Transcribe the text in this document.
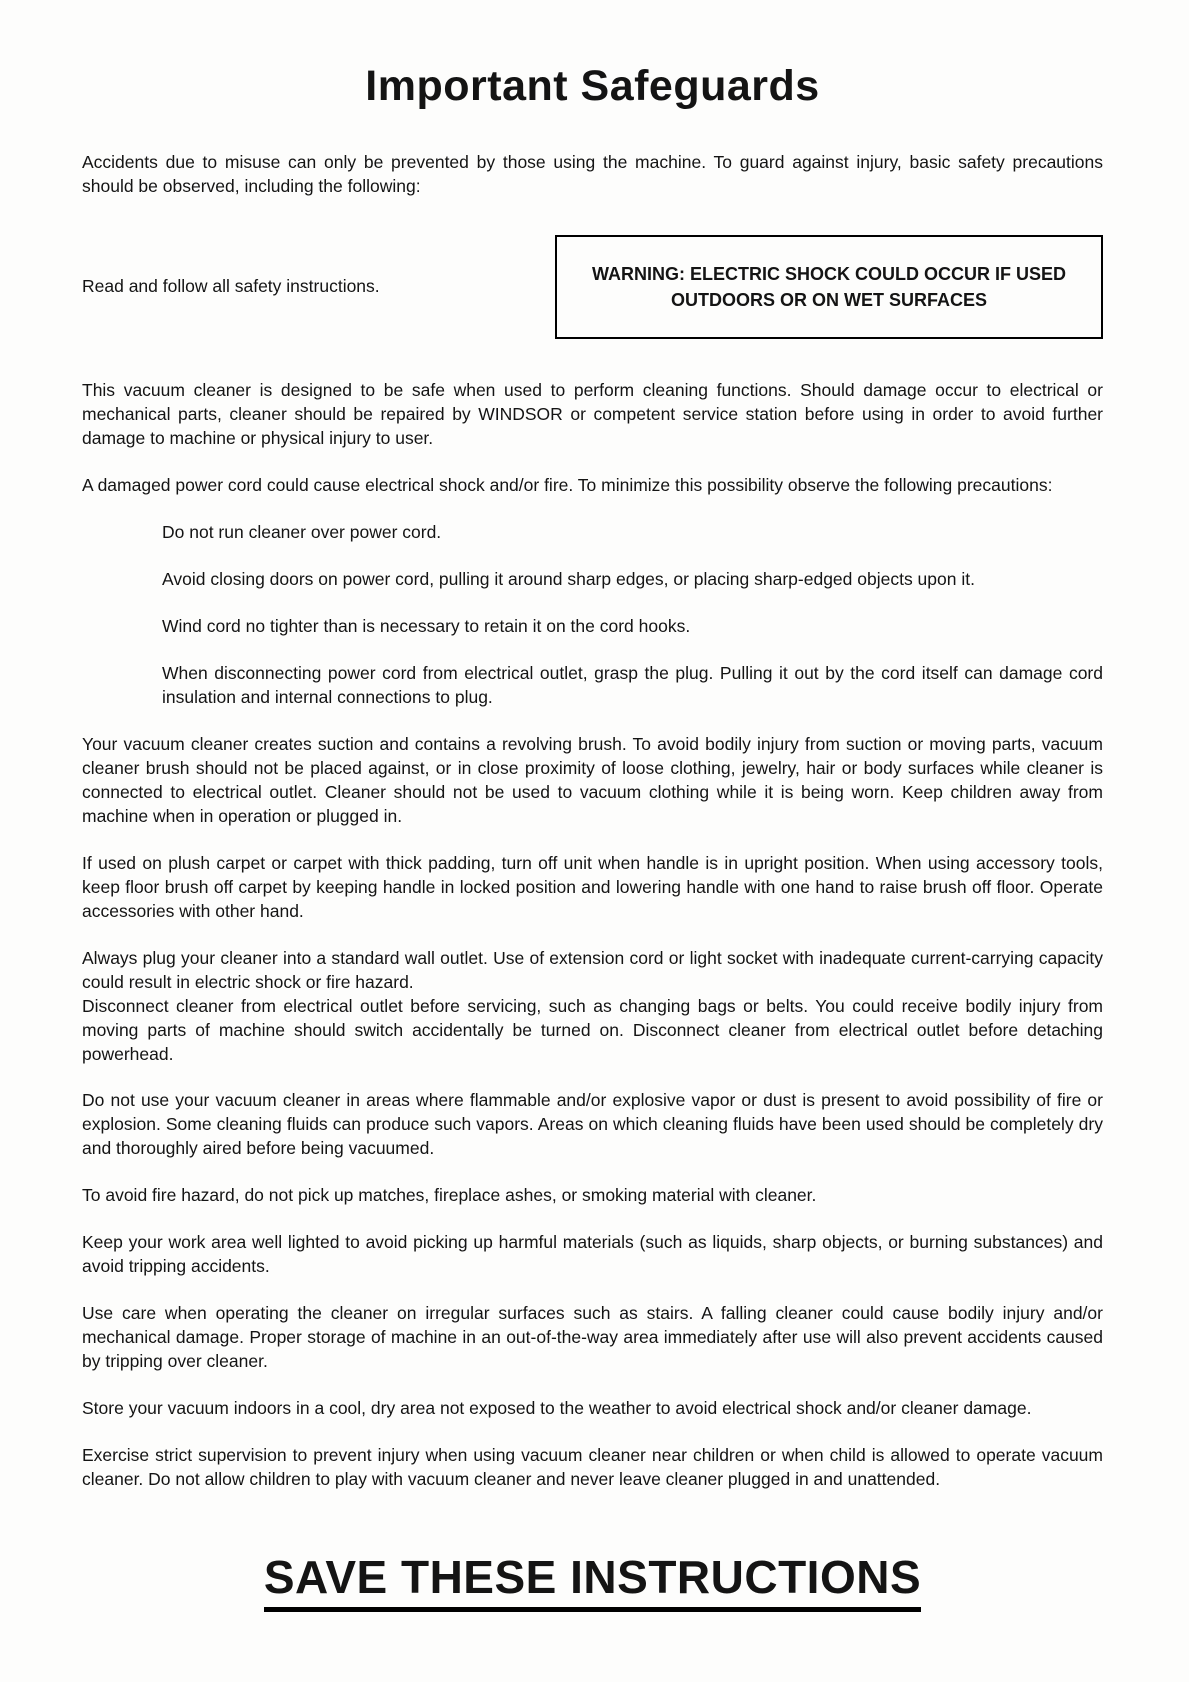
Important Safeguards

Accidents due to misuse can only be prevented by those using the machine. To guard against injury, basic safety precautions should be observed, including the following:

Read and follow all safety instructions.
WARNING: ELECTRIC SHOCK COULD OCCUR IF USED
OUTDOORS OR ON WET SURFACES

This vacuum cleaner is designed to be safe when used to perform cleaning functions. Should damage occur to electrical or mechanical parts, cleaner should be repaired by WINDSOR or competent service station before using in order to avoid further damage to machine or physical injury to user.

A damaged power cord could cause electrical shock and/or fire. To minimize this possibility observe the following precautions:

Do not run cleaner over power cord.

Avoid closing doors on power cord, pulling it around sharp edges, or placing sharp-edged objects upon it.

Wind cord no tighter than is necessary to retain it on the cord hooks.

When disconnecting power cord from electrical outlet, grasp the plug. Pulling it out by the cord itself can damage cord insulation and internal connections to plug.

Your vacuum cleaner creates suction and contains a revolving brush. To avoid bodily injury from suction or moving parts, vacuum cleaner brush should not be placed against, or in close proximity of loose clothing, jewelry, hair or body surfaces while cleaner is connected to electrical outlet. Cleaner should not be used to vacuum clothing while it is being worn. Keep children away from machine when in operation or plugged in.

If used on plush carpet or carpet with thick padding, turn off unit when handle is in upright position. When using accessory tools, keep floor brush off carpet by keeping handle in locked position and lowering handle with one hand to raise brush off floor. Operate accessories with other hand.

Always plug your cleaner into a standard wall outlet. Use of extension cord or light socket with inadequate current-carrying capacity could result in electric shock or fire hazard.

Disconnect cleaner from electrical outlet before servicing, such as changing bags or belts. You could receive bodily injury from moving parts of machine should switch accidentally be turned on. Disconnect cleaner from electrical outlet before detaching powerhead.

Do not use your vacuum cleaner in areas where flammable and/or explosive vapor or dust is present to avoid possibility of fire or explosion. Some cleaning fluids can produce such vapors. Areas on which cleaning fluids have been used should be completely dry and thoroughly aired before being vacuumed.

To avoid fire hazard, do not pick up matches, fireplace ashes, or smoking material with cleaner.

Keep your work area well lighted to avoid picking up harmful materials (such as liquids, sharp objects, or burning substances) and avoid tripping accidents.

Use care when operating the cleaner on irregular surfaces such as stairs. A falling cleaner could cause bodily injury and/or mechanical damage. Proper storage of machine in an out-of-the-way area immediately after use will also prevent accidents caused by tripping over cleaner.

Store your vacuum indoors in a cool, dry area not exposed to the weather to avoid electrical shock and/or cleaner damage.

Exercise strict supervision to prevent injury when using vacuum cleaner near children or when child is allowed to operate vacuum cleaner. Do not allow children to play with vacuum cleaner and never leave cleaner plugged in and unattended.

SAVE THESE INSTRUCTIONS
